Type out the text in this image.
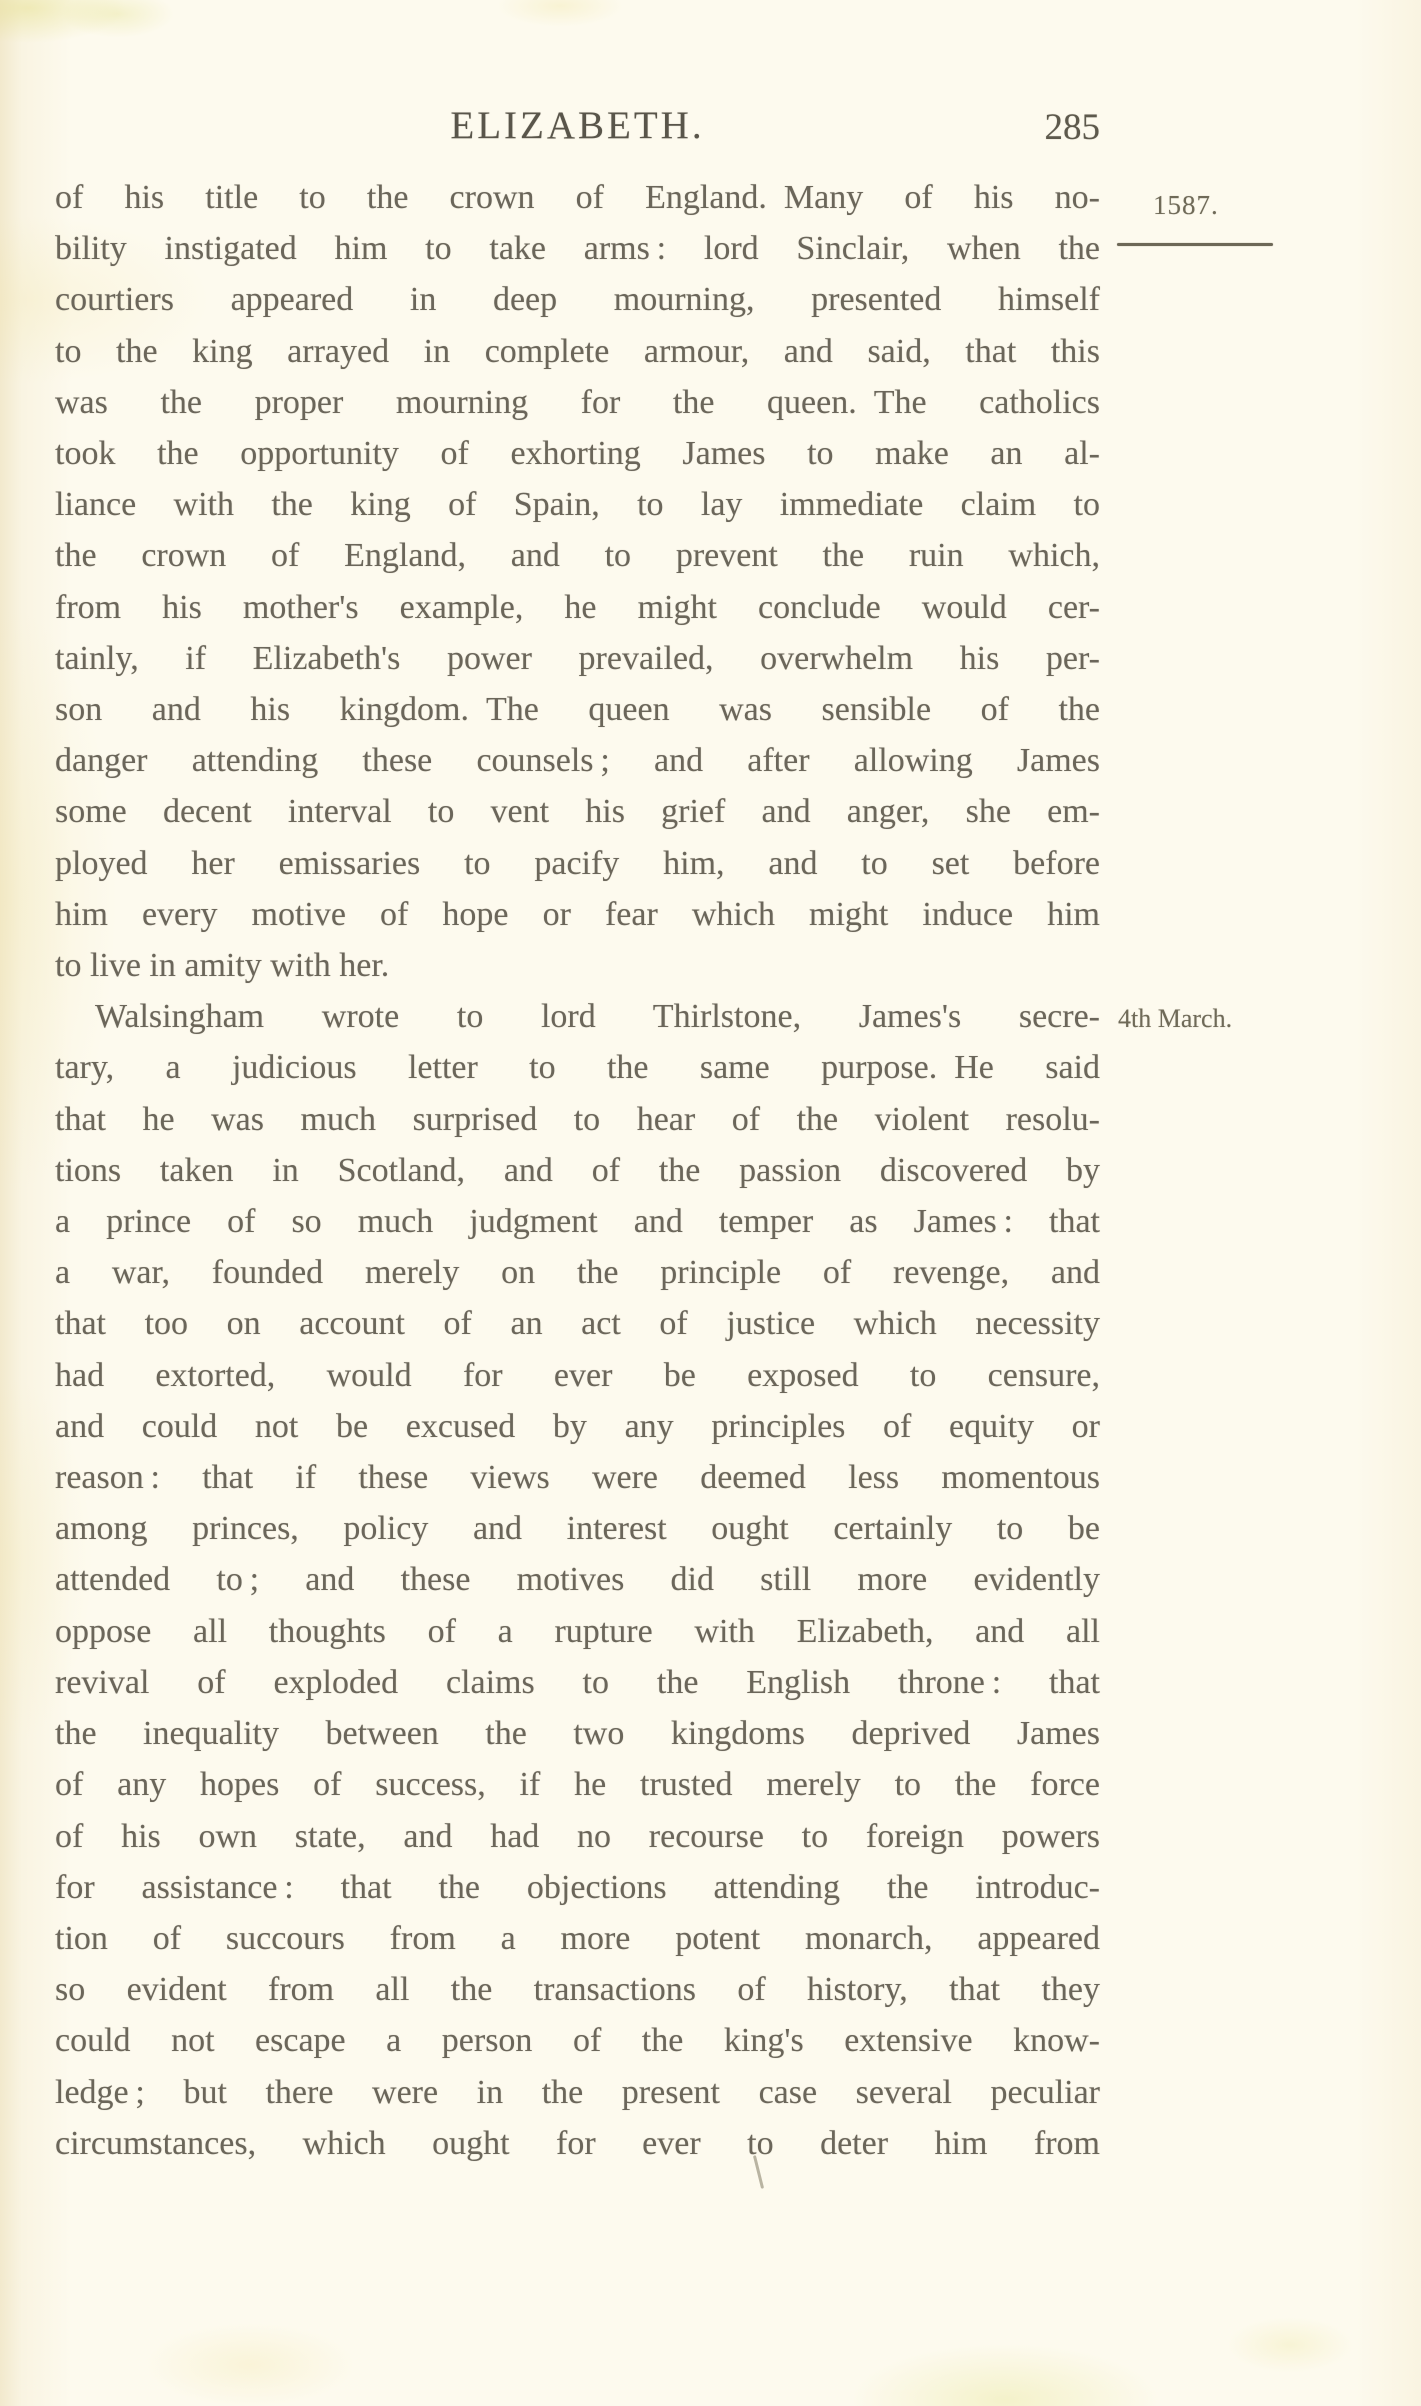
ELIZABETH.	285
1587.
4th March.
of his title to the crown of England. Many of his no-
bility instigated him to take arms : lord Sinclair, when the
courtiers appeared in deep mourning, presented himself
to the king arrayed in complete armour, and said, that this
was the proper mourning for the queen. The catholics
took the opportunity of exhorting James to make an al-
liance with the king of Spain, to lay immediate claim to
the crown of England, and to prevent the ruin which,
from his mother's example, he might conclude would cer-
tainly, if Elizabeth's power prevailed, overwhelm his per-
son and his kingdom. The queen was sensible of the
danger attending these counsels ; and after allowing James
some decent interval to vent his grief and anger, she em-
ployed her emissaries to pacify him, and to set before
him every motive of hope or fear which might induce him
to live in amity with her.
Walsingham wrote to lord Thirlstone, James's secre-
tary, a judicious letter to the same purpose. He said
that he was much surprised to hear of the violent resolu-
tions taken in Scotland, and of the passion discovered by
a prince of so much judgment and temper as James : that
a war, founded merely on the principle of revenge, and
that too on account of an act of justice which necessity
had extorted, would for ever be exposed to censure,
and could not be excused by any principles of equity or
reason : that if these views were deemed less momentous
among princes, policy and interest ought certainly to be
attended to ; and these motives did still more evidently
oppose all thoughts of a rupture with Elizabeth, and all
revival of exploded claims to the English throne : that
the inequality between the two kingdoms deprived James
of any hopes of success, if he trusted merely to the force
of his own state, and had no recourse to foreign powers
for assistance : that the objections attending the introduc-
tion of succours from a more potent monarch, appeared
so evident from all the transactions of history, that they
could not escape a person of the king's extensive know-
ledge ; but there were in the present case several peculiar
circumstances, which ought for ever to deter him from
